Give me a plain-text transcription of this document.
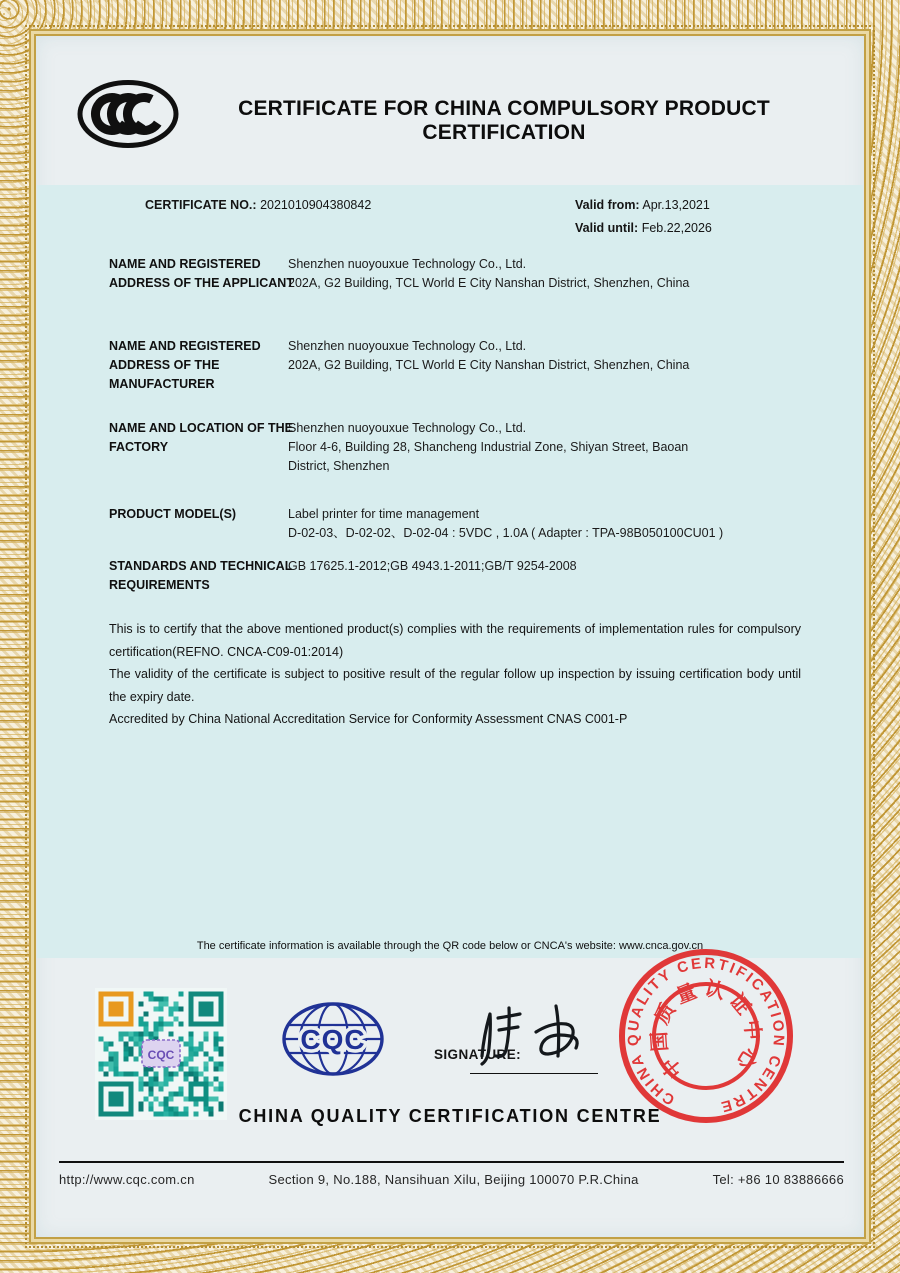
CERTIFICATE FOR CHINA COMPULSORY PRODUCT CERTIFICATION
CERTIFICATE NO.: 2021010904380842	Valid from: Apr.13,2021
Valid until: Feb.22,2026
NAME AND REGISTERED ADDRESS OF THE APPLICANT
Shenzhen nuoyouxue Technology Co., Ltd.
202A, G2 Building, TCL World E City Nanshan District, Shenzhen, China
NAME AND REGISTERED ADDRESS OF THE MANUFACTURER
Shenzhen nuoyouxue Technology Co., Ltd.
202A, G2 Building, TCL World E City Nanshan District, Shenzhen, China
NAME AND LOCATION OF THE FACTORY
Shenzhen nuoyouxue Technology Co., Ltd.
Floor 4-6, Building 28, Shancheng Industrial Zone, Shiyan Street, Baoan
District, Shenzhen
PRODUCT MODEL(S)	Label printer for time management
D-02-03、D-02-02、D-02-04 : 5VDC , 1.0A ( Adapter : TPA-98B050100CU01 )
STANDARDS AND TECHNICAL REQUIREMENTS
GB 17625.1-2012;GB 4943.1-2011;GB/T 9254-2008

This is to certify that the above mentioned product(s) complies with the requirements of implementation rules for compulsory certification(REFNO. CNCA-C09-01:2014)

The validity of the certificate is subject to positive result of the regular follow up inspection by issuing certification body until the expiry date.

Accredited by China National Accreditation Service for Conformity Assessment CNAS C001-P

The certificate information is available through the QR code below or CNCA's website: www.cnca.gov.cn
CQC	CQC	SIGNATURE:
CHINA QUALITY CERTIFICATION CENTRE
中国质量认证中心
CHINA QUALITY CERTIFICATION CENTRE
http://www.cqc.com.cn	Section 9, No.188, Nansihuan Xilu, Beijing 100070 P.R.China	Tel: +86 10 83886666
